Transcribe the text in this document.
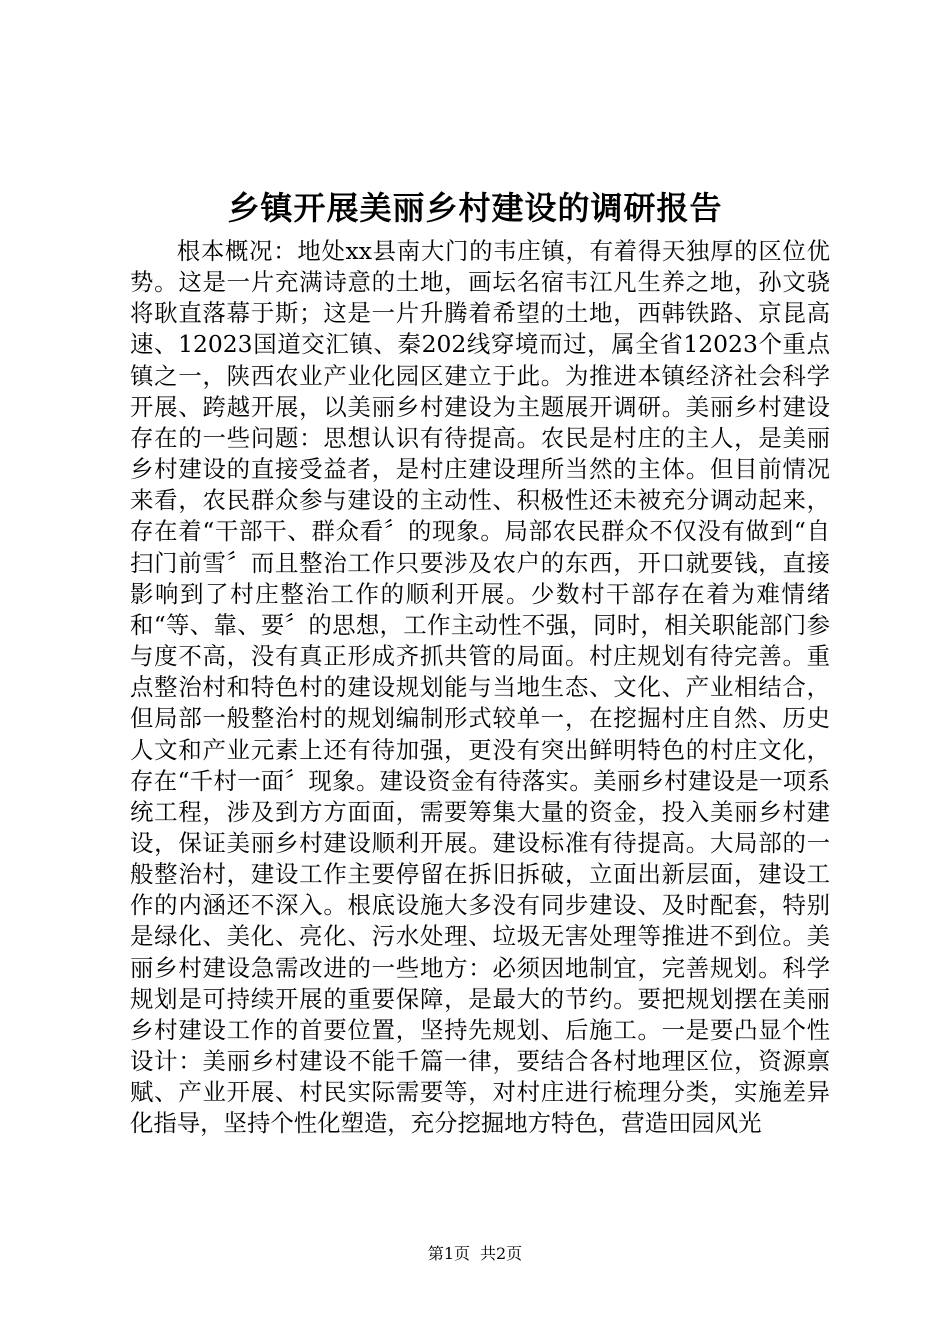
乡镇开展美丽乡村建设的调研报告

根本概况：地处xx县南大门的韦庄镇，有着得天独厚的区位优势。这是一片充满诗意的土地，画坛名宿韦江凡生养之地，孙文骁将耿直落幕于斯；这是一片升腾着希望的土地，西韩铁路、京昆高速、12023国道交汇镇、秦202线穿境而过，属全省12023个重点镇之一，陕西农业产业化园区建立于此。为推进本镇经济社会科学开展、跨越开展，以美丽乡村建设为主题展开调研。美丽乡村建设存在的一些问题：思想认识有待提高。农民是村庄的主人，是美丽乡村建设的直接受益者，是村庄建设理所当然的主体。但目前情况来看，农民群众参与建设的主动性、积极性还未被充分调动起来，存在着“干部干、群众看〞的现象。局部农民群众不仅没有做到“自扫门前雪〞而且整治工作只要涉及农户的东西，开口就要钱，直接影响到了村庄整治工作的顺利开展。少数村干部存在着为难情绪和“等、靠、要〞的思想，工作主动性不强，同时，相关职能部门参与度不高，没有真正形成齐抓共管的局面。村庄规划有待完善。重点整治村和特色村的建设规划能与当地生态、文化、产业相结合，但局部一般整治村的规划编制形式较单一，在挖掘村庄自然、历史人文和产业元素上还有待加强，更没有突出鲜明特色的村庄文化，存在“千村一面〞现象。建设资金有待落实。美丽乡村建设是一项系统工程，涉及到方方面面，需要筹集大量的资金，投入美丽乡村建设，保证美丽乡村建设顺利开展。建设标准有待提高。大局部的一般整治村，建设工作主要停留在拆旧拆破，立面出新层面，建设工作的内涵还不深入。根底设施大多没有同步建设、及时配套，特别是绿化、美化、亮化、污水处理、垃圾无害处理等推进不到位。美丽乡村建设急需改进的一些地方：必须因地制宜，完善规划。科学规划是可持续开展的重要保障，是最大的节约。要把规划摆在美丽乡村建设工作的首要位置，坚持先规划、后施工。一是要凸显个性设计：美丽乡村建设不能千篇一律，要结合各村地理区位，资源禀赋、产业开展、村民实际需要等，对村庄进行梳理分类，实施差异化指导，坚持个性化塑造，充分挖掘地方特色，营造田园风光

第1页 共2页
